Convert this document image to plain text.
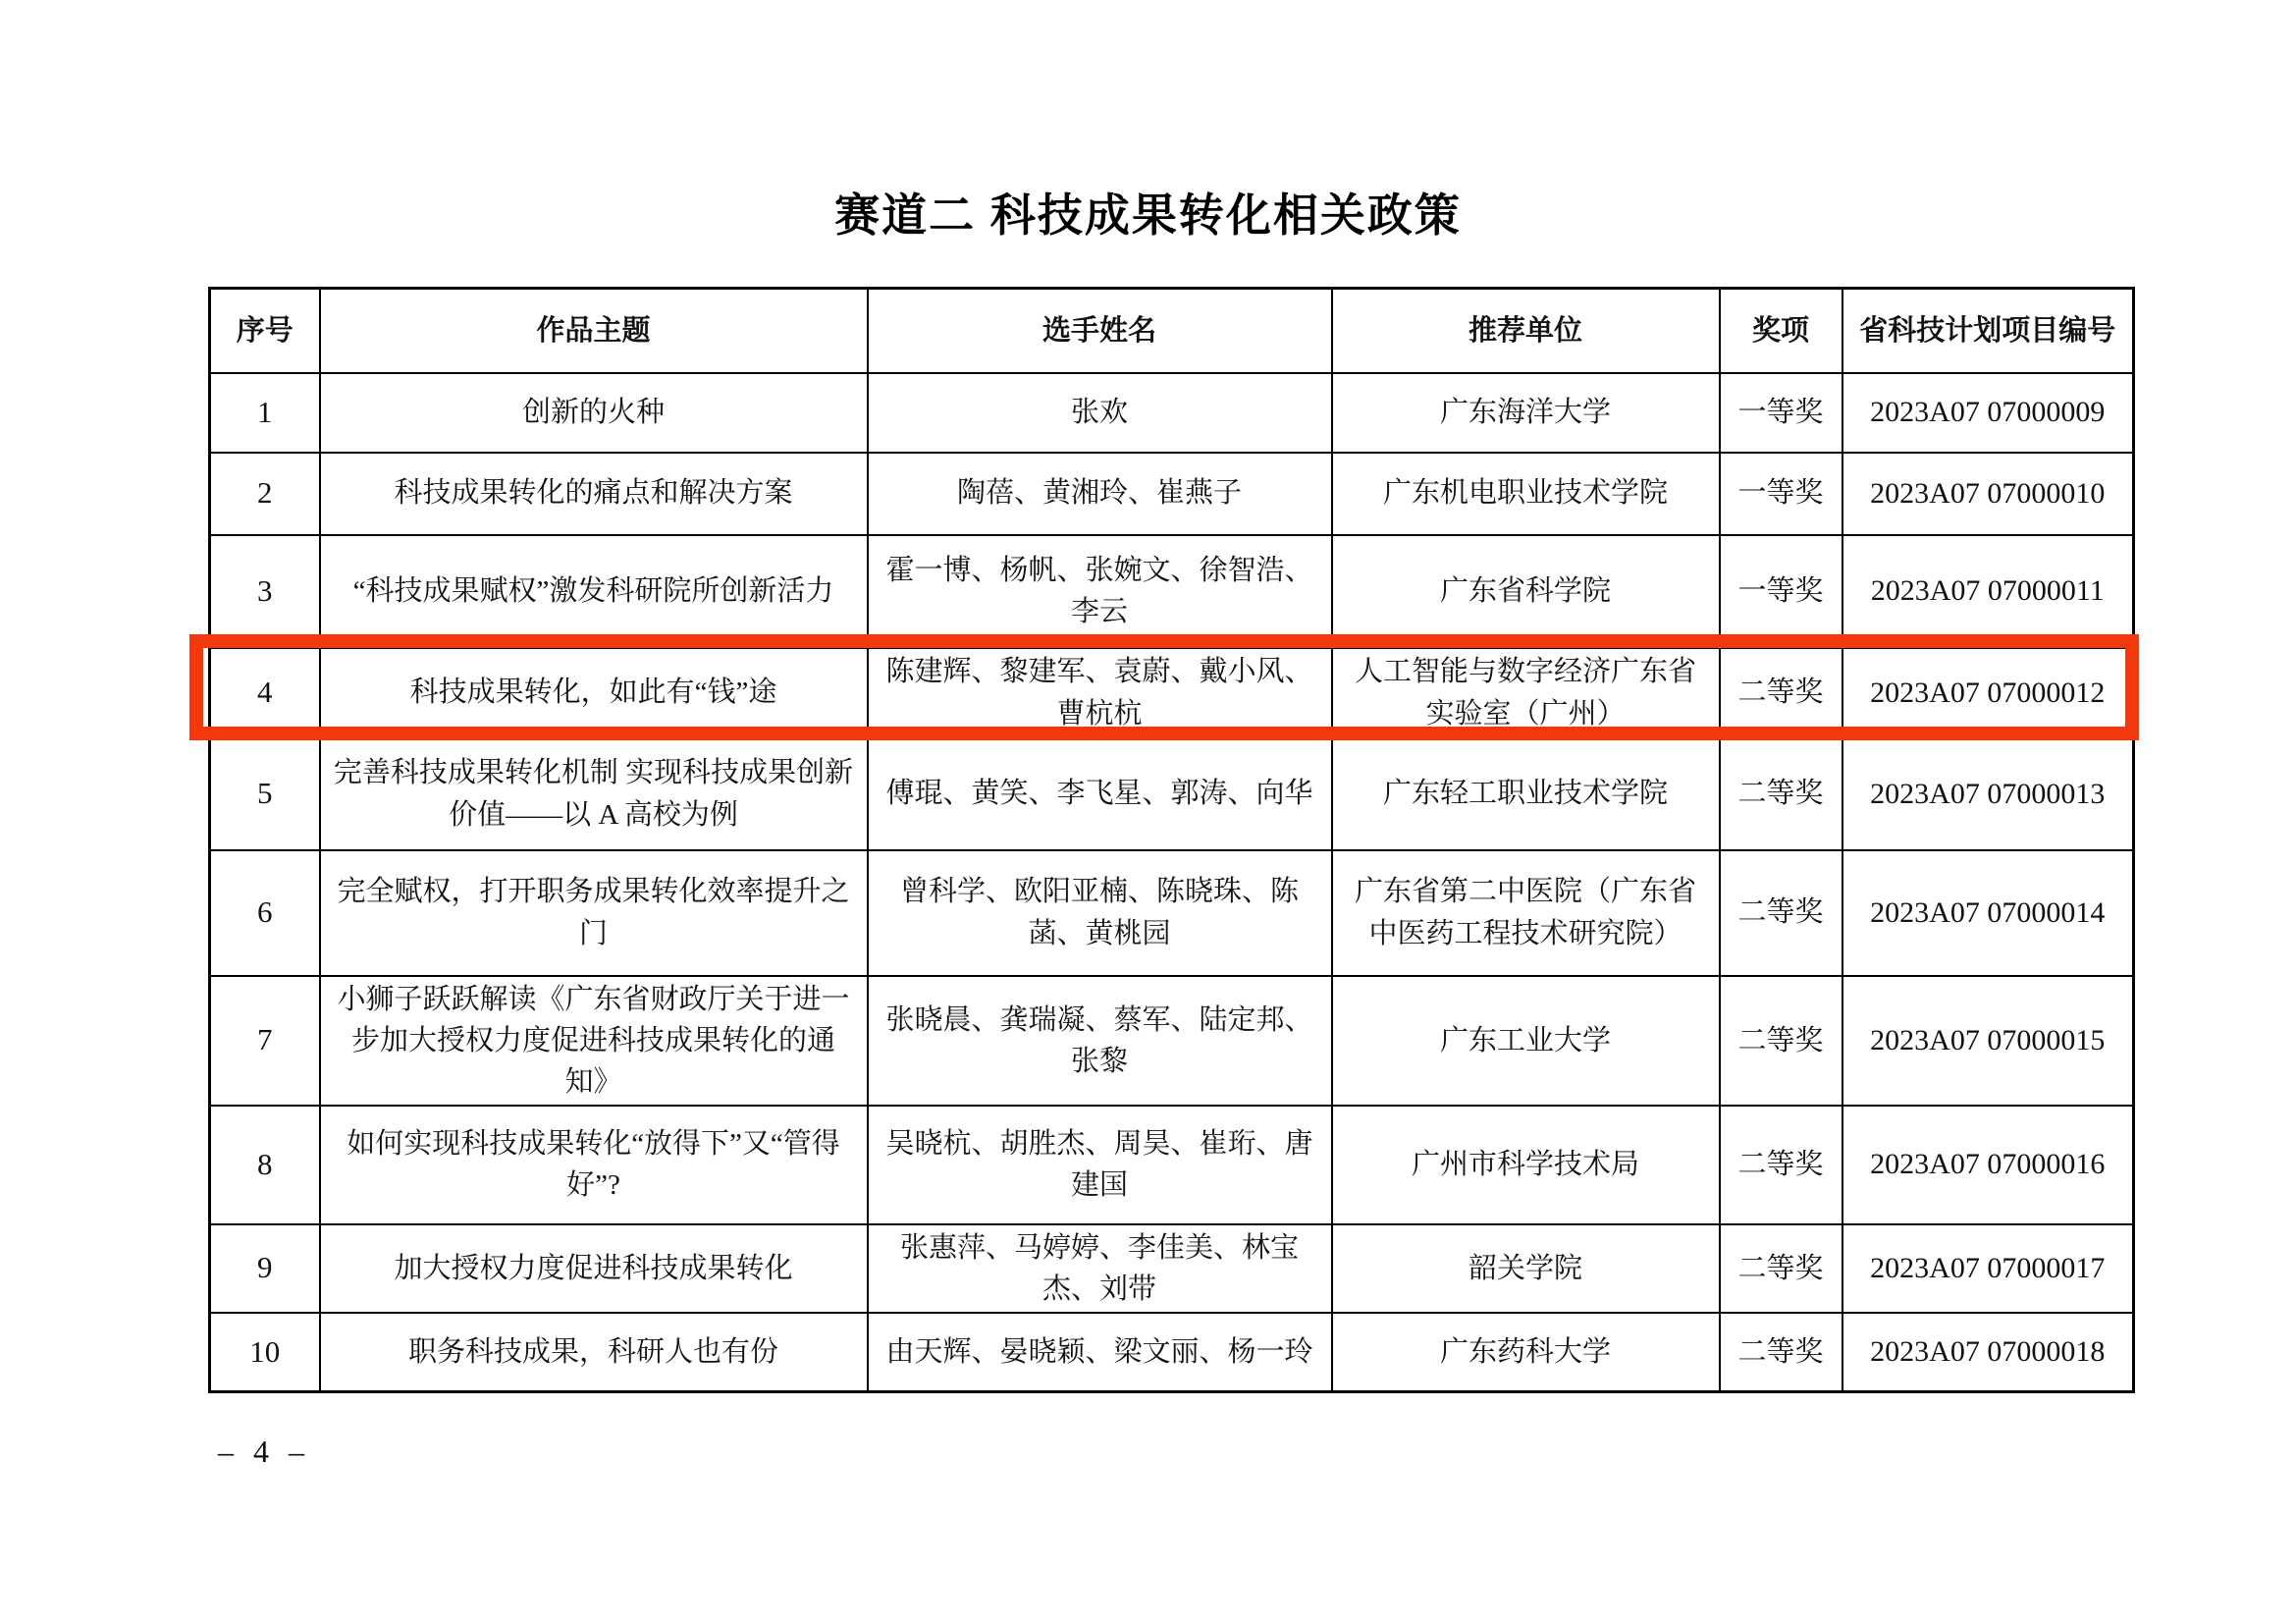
赛道二 科技成果转化相关政策
序号	作品主题	选手姓名	推荐单位	奖项	省科技计划项目编号
1	创新的火种	张欢	广东海洋大学	一等奖	2023A07 07000009
2	科技成果转化的痛点和解决方案	陶蓓、黄湘玲、崔燕子	广东机电职业技术学院	一等奖	2023A07 07000010
3	“科技成果赋权”激发科研院所创新活力	霍一博、杨帆、张婉文、徐智浩、李云	广东省科学院	一等奖	2023A07 07000011
4	科技成果转化，如此有“钱”途	陈建辉、黎建军、袁蔚、戴小风、曹杭杭	人工智能与数字经济广东省实验室（广州）	二等奖	2023A07 07000012
5	完善科技成果转化机制 实现科技成果创新价值——以 A 高校为例	傅琨、黄笑、李飞星、郭涛、向华	广东轻工职业技术学院	二等奖	2023A07 07000013
6	完全赋权，打开职务成果转化效率提升之门	曾科学、欧阳亚楠、陈晓珠、陈菡、黄桃园	广东省第二中医院（广东省中医药工程技术研究院）	二等奖	2023A07 07000014
7	小狮子跃跃解读《广东省财政厅关于进一步加大授权力度促进科技成果转化的通知》	张晓晨、龚瑞凝、蔡军、陆定邦、张黎	广东工业大学	二等奖	2023A07 07000015
8	如何实现科技成果转化“放得下”又“管得好”?	吴晓杭、胡胜杰、周昊、崔珩、唐建国	广州市科学技术局	二等奖	2023A07 07000016
9	加大授权力度促进科技成果转化	张惠萍、马婷婷、李佳美、林宝杰、刘带	韶关学院	二等奖	2023A07 07000017
10	职务科技成果，科研人也有份	由天辉、晏晓颖、梁文丽、杨一玲	广东药科大学	二等奖	2023A07 07000018
– 4 –
